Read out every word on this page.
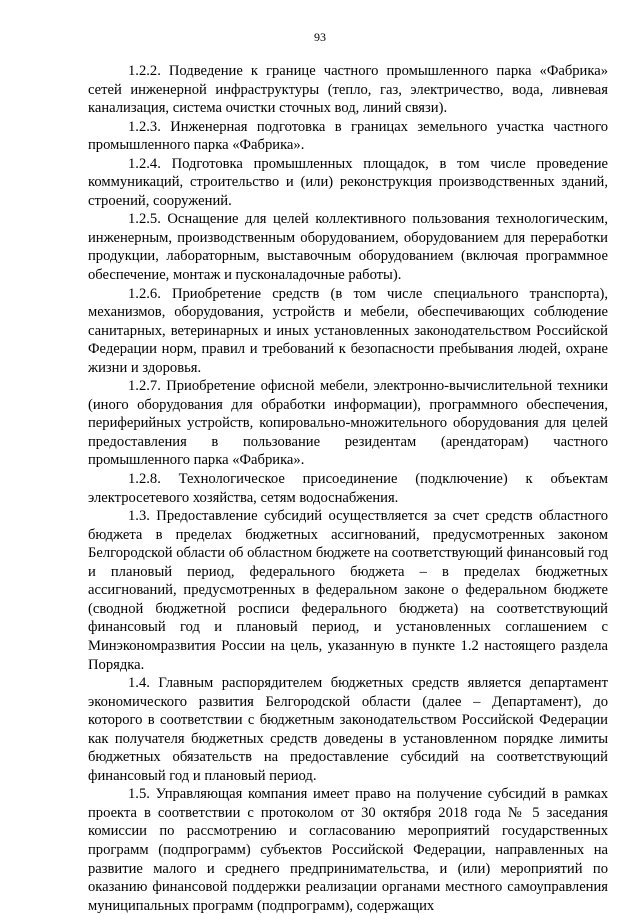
93

1.2.2. Подведение к границе частного промышленного парка «Фабрика» сетей инженерной инфраструктуры (тепло, газ, электричество, вода, ливневая канализация, система очистки сточных вод, линий связи).

1.2.3. Инженерная подготовка в границах земельного участка частного промышленного парка «Фабрика».

1.2.4. Подготовка промышленных площадок, в том числе проведение коммуникаций, строительство и (или) реконструкция производственных зданий, строений, сооружений.

1.2.5. Оснащение для целей коллективного пользования технологическим, инженерным, производственным оборудованием, оборудованием для переработки продукции, лабораторным, выставочным оборудованием (включая программное обеспечение, монтаж и пусконаладочные работы).

1.2.6. Приобретение средств (в том числе специального транспорта), механизмов, оборудования, устройств и мебели, обеспечивающих соблюдение санитарных, ветеринарных и иных установленных законодательством Российской Федерации норм, правил и требований к безопасности пребывания людей, охране жизни и здоровья.

1.2.7. Приобретение офисной мебели, электронно-вычислительной техники (иного оборудования для обработки информации), программного обеспечения, периферийных устройств, копировально-множительного оборудования для целей предоставления в пользование резидентам (арендаторам) частного промышленного парка «Фабрика».

1.2.8. Технологическое присоединение (подключение) к объектам электросетевого хозяйства, сетям водоснабжения.

1.3. Предоставление субсидий осуществляется за счет средств областного бюджета в пределах бюджетных ассигнований, предусмотренных законом Белгородской области об областном бюджете на соответствующий финансовый год и плановый период, федерального бюджета – в пределах бюджетных ассигнований, предусмотренных в федеральном законе о федеральном бюджете (сводной бюджетной росписи федерального бюджета) на соответствующий финансовый год и плановый период, и установленных соглашением с Минэкономразвития России на цель, указанную в пункте 1.2 настоящего раздела Порядка.

1.4. Главным распорядителем бюджетных средств является департамент экономического развития Белгородской области (далее – Департамент), до которого в соответствии с бюджетным законодательством Российской Федерации как получателя бюджетных средств доведены в установленном порядке лимиты бюджетных обязательств на предоставление субсидий на соответствующий финансовый год и плановый период.

1.5. Управляющая компания имеет право на получение субсидий в рамках проекта в соответствии с протоколом от 30 октября 2018 года № 5 заседания комиссии по рассмотрению и согласованию мероприятий государственных программ (подпрограмм) субъектов Российской Федерации, направленных на развитие малого и среднего предпринимательства, и (или) мероприятий по оказанию финансовой поддержки реализации органами местного самоуправления муниципальных программ (подпрограмм), содержащих
